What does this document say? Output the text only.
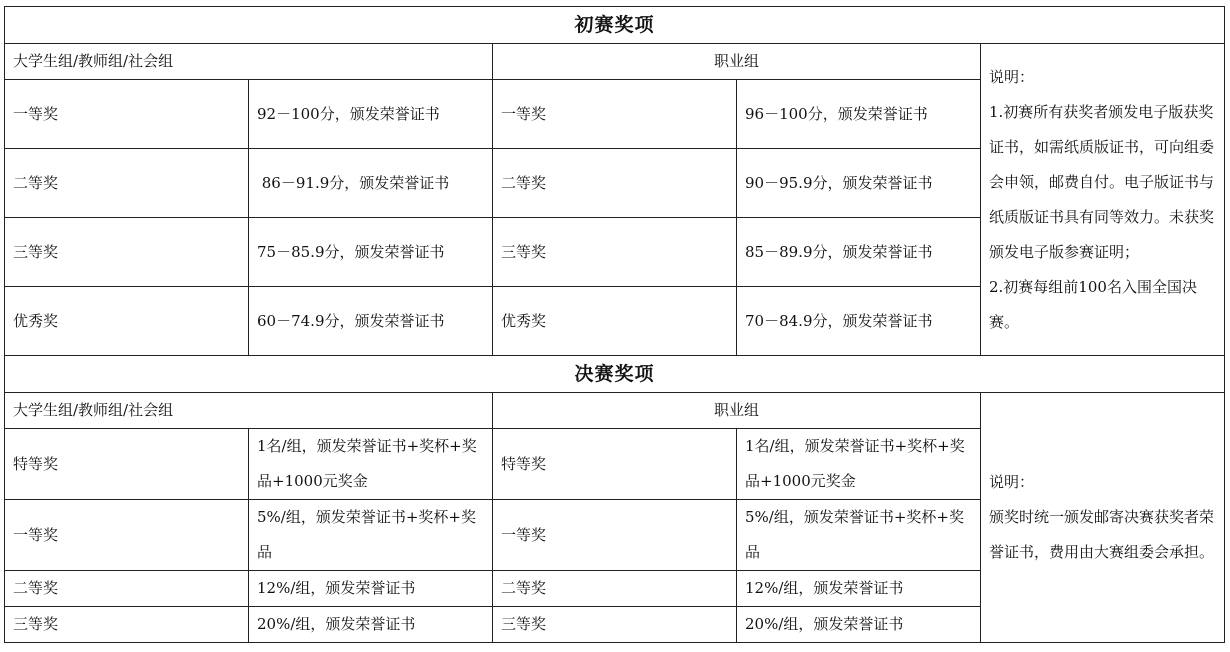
初赛奖项				
大学生组/教师组/社会组		职业组		说明：
1.初赛所有获奖者颁发电子版获奖证书，如需纸质版证书，可向组委会申领，邮费自付。电子版证书与纸质版证书具有同等效力。未获奖颁发电子版参赛证明；
2.初赛每组前100名入围全国决赛。

一等奖	92－100分，颁发荣誉证书	一等奖	96－100分，颁发荣誉证书	
二等奖	86－91.9分，颁发荣誉证书	二等奖	90－95.9分，颁发荣誉证书	
三等奖	75－85.9分，颁发荣誉证书	三等奖	85－89.9分，颁发荣誉证书	
优秀奖	60－74.9分，颁发荣誉证书	优秀奖	70－84.9分，颁发荣誉证书	
决赛奖项				
大学生组/教师组/社会组		职业组		说明：
颁奖时统一颁发邮寄决赛获奖者荣誉证书，费用由大赛组委会承担。

特等奖	1名/组，颁发荣誉证书+奖杯+奖品+1000元奖金	特等奖	1名/组，颁发荣誉证书+奖杯+奖品+1000元奖金	
一等奖	5%/组，颁发荣誉证书+奖杯+奖品	一等奖	5%/组，颁发荣誉证书+奖杯+奖品	
二等奖	12%/组，颁发荣誉证书	二等奖	12%/组，颁发荣誉证书	
三等奖	20%/组，颁发荣誉证书	三等奖	20%/组，颁发荣誉证书	
